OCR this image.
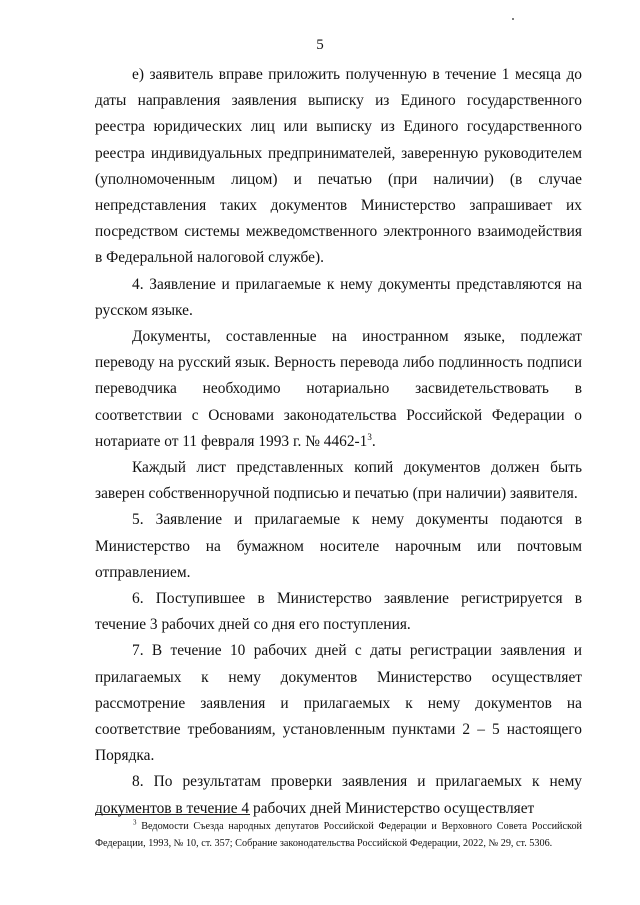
5

е) заявитель вправе приложить полученную в течение 1 месяца до даты направления заявления выписку из Единого государственного реестра юридических лиц или выписку из Единого государственного реестра индивидуальных предпринимателей, заверенную руководителем (уполномоченным лицом) и печатью (при наличии) (в случае непредставления таких документов Министерство запрашивает их посредством системы межведомственного электронного взаимодействия в Федеральной налоговой службе).

4. Заявление и прилагаемые к нему документы представляются на русском языке.

Документы, составленные на иностранном языке, подлежат переводу на русский язык. Верность перевода либо подлинность подписи переводчика необходимо нотариально засвидетельствовать в соответствии с Основами законодательства Российской Федерации о нотариате от 11 февраля 1993 г. № $4462-1^3$.

Каждый лист представленных копий документов должен быть заверен собственноручной подписью и печатью (при наличии) заявителя.

5. Заявление и прилагаемые к нему документы подаются в Министерство на бумажном носителе нарочным или почтовым отправлением.

6. Поступившее в Министерство заявление регистрируется в течение 3 рабочих дней со дня его поступления.

7. В течение 10 рабочих дней с даты регистрации заявления и прилагаемых к нему документов Министерство осуществляет рассмотрение заявления и прилагаемых к нему документов на соответствие требованиям, установленным пунктами 2 – 5 настоящего Порядка.

8. По результатам проверки заявления и прилагаемых к нему документов в течение 4 рабочих дней Министерство осуществляет

$^3$ Ведомости Съезда народных депутатов Российской Федерации и Верховного Совета Российской Федерации, 1993, № 10, ст. 357; Собрание законодательства Российской Федерации, 2022, № 29, ст. 5306.
